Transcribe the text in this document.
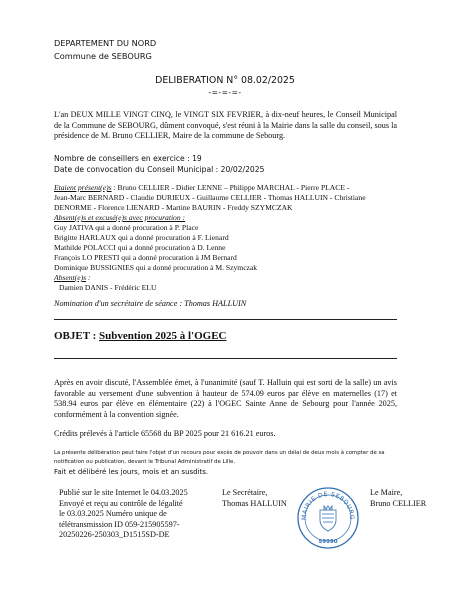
DEPARTEMENT DU NORD
Commune de SEBOURG
DELIBERATION N° 08.02/2025
-=-=-=-
L'an DEUX MILLE VINGT CINQ, le VINGT SIX FEVRIER, à dix-neuf heures, le Conseil Municipal de la Commune de SEBOURG, dûment convoqué, s'est réuni à la Mairie dans la salle du conseil, sous la présidence de M. Bruno CELLIER, Maire de la commune de Sebourg.
Nombre de conseillers en exercice : 19
Date de convocation du Conseil Municipal : 20/02/2025
Etaient présent(e)s : Bruno CELLIER - Didier LENNE – Philippe MARCHAL - Pierre PLACE -
Jean-Marc BERNARD - Claudie DURIEUX - Guillaume CELLIER - Thomas HALLUIN - Christiane
DENORME - Florence LIENARD - Martine BAURIN - Freddy SZYMCZAK
Absent(e)s et excusé(e)s avec procuration :
Guy JATIVA qui a donné procuration à P. Place
Brigitte HARLAUX qui a donné procuration à F. Lienard
Mathilde POLACCI qui a donné procuration à D. Lenne
François LO PRESTI qui a donné procuration à JM Bernard
Dominique BUSSIGNIES qui a donné procuration à M. Szymczak
Absent(e)s :
Damien DANIS - Frédéric ELU
Nomination d'un secrétaire de séance : Thomas HALLUIN
OBJET : Subvention 2025 à l'OGEC
Après en avoir discuté, l'Assemblée émet, à l'unanimité (sauf T. Halluin qui est sorti de la salle) un avis favorable au versement d'une subvention à hauteur de 574.09 euros par élève en maternelles (17) et 538.94 euros par élève en élémentaire (22) à l'OGEC Sainte Anne de Sebourg pour l'année 2025, conformément à la convention signée.
Crédits prélevés à l'article 65568 du BP 2025 pour 21 616.21 euros.
La présente délibération peut faire l'objet d'un recours pour excès de pouvoir dans un délai de deux mois à compter de sa
notification ou publication, devant le Tribunal Administratif de Lille.
Fait et délibéré les jours, mois et an susdits.
Publié sur le site Internet le 04.03.2025
Envoyé et reçu au contrôle de légalité
le 03.03.2025 Numéro unique de
télétransmission ID 059-215905597-
20250226-250303_D1515SD-DE
Le Secrétaire,
Thomas HALLUIN
Le Maire,
Bruno CELLIER
MAIRIE DE SEBOURG
59990
